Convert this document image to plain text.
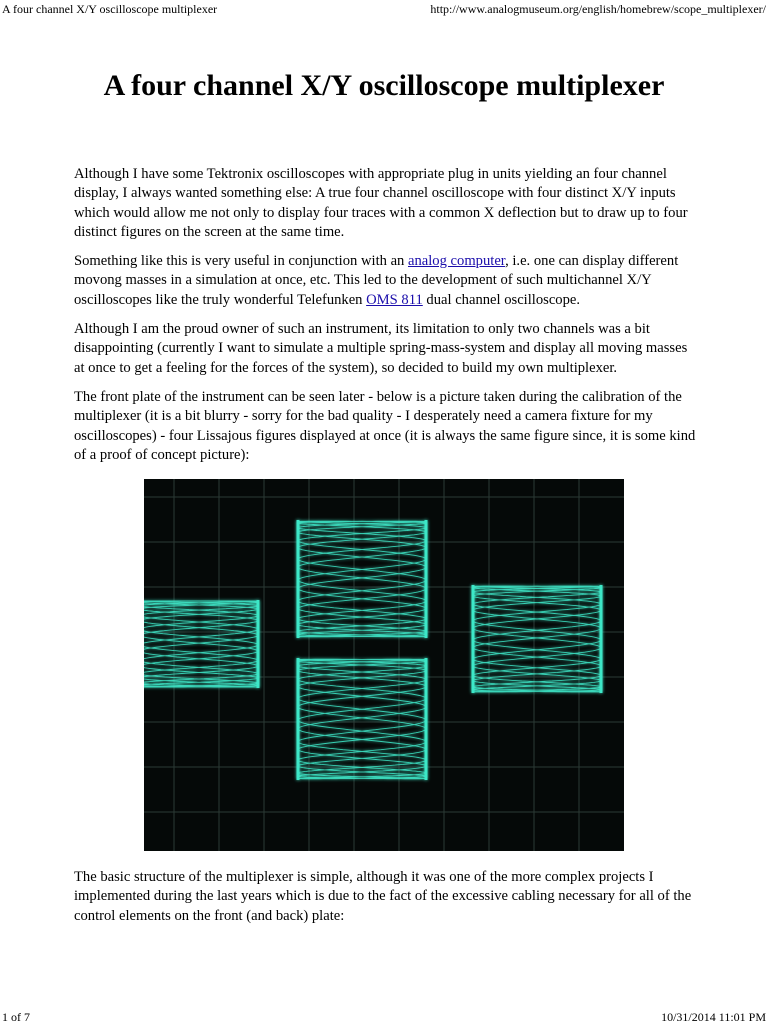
A four channel X/Y oscilloscope multiplexer	http://www.analogmuseum.org/english/homebrew/scope_multiplexer/
A four channel X/Y oscilloscope multiplexer

Although I have some Tektronix oscilloscopes with appropriate plug in units yielding an four channel display, I always wanted something else: A true four channel oscilloscope with four distinct X/Y inputs which would allow me not only to display four traces with a common X deflection but to draw up to four distinct figures on the screen at the same time.

Something like this is very useful in conjunction with an analog computer, i.e. one can display different movong masses in a simulation at once, etc. This led to the development of such multichannel X/Y oscilloscopes like the truly wonderful Telefunken OMS 811 dual channel oscilloscope.

Although I am the proud owner of such an instrument, its limitation to only two channels was a bit disappointing (currently I want to simulate a multiple spring-mass-system and display all moving masses at once to get a feeling for the forces of the system), so decided to build my own multiplexer.

The front plate of the instrument can be seen later - below is a picture taken during the calibration of the multiplexer (it is a bit blurry - sorry for the bad quality - I desperately need a camera fixture for my oscilloscopes) - four Lissajous figures displayed at once (it is always the same figure since, it is some kind of a proof of concept picture):

The basic structure of the multiplexer is simple, although it was one of the more complex projects I implemented during the last years which is due to the fact of the excessive cabling necessary for all of the control elements on the front (and back) plate:

1 of 7	10/31/2014 11:01 PM
